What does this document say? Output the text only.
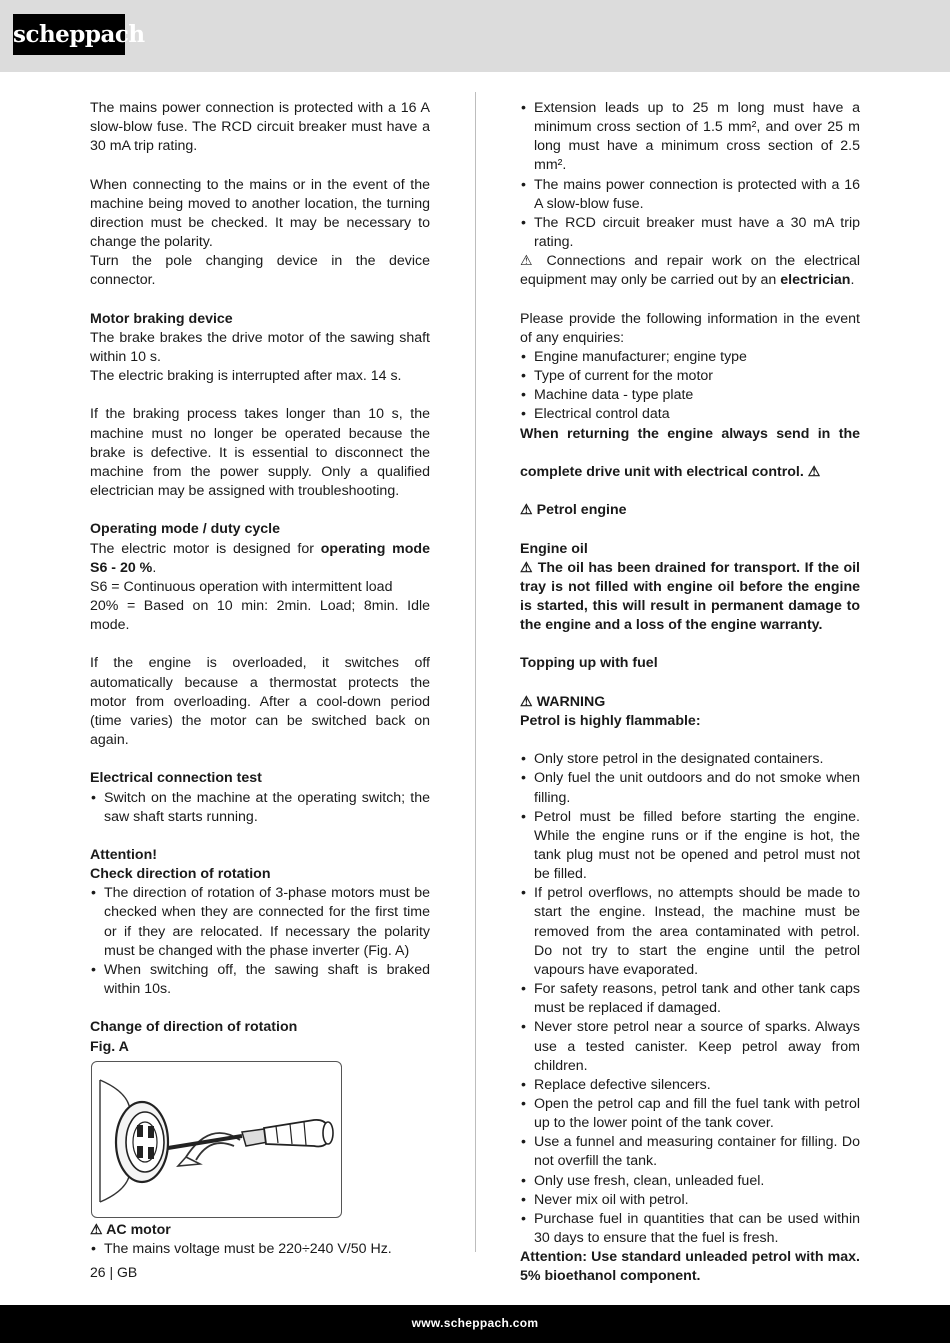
scheppach

The mains power connection is protected with a 16 A slow-blow fuse. The RCD circuit breaker must have a 30 mA trip rating.

When connecting to the mains or in the event of the machine being moved to another location, the turning direction must be checked. It may be necessary to change the polarity.

Turn the pole changing device in the device connector.

Motor braking device

The brake brakes the drive motor of the sawing shaft within 10 s.

The electric braking is interrupted after max. 14 s.

If the braking process takes longer than 10 s, the machine must no longer be operated because the brake is defective. It is essential to disconnect the machine from the power supply. Only a qualified electrician may be assigned with troubleshooting.

Operating mode / duty cycle

The electric motor is designed for operating mode S6 - 20 %.

S6 = Continuous operation with intermittent load

20% = Based on 10 min: 2min. Load; 8min. Idle mode.

If the engine is overloaded, it switches off automatically because a thermostat protects the motor from overloading. After a cool-down period (time varies) the motor can be switched back on again.

Electrical connection test

• Switch on the machine at the operating switch; the saw shaft starts running.

Attention!

Check direction of rotation

• The direction of rotation of 3-phase motors must be checked when they are connected for the first time or if they are relocated. If necessary the polarity must be changed with the phase inverter (Fig. A)
• When switching off, the sawing shaft is braked within 10s.

Change of direction of rotation

Fig. A

⚠ AC motor

• The mains voltage must be 220÷240 V/50 Hz.
• Extension leads up to 25 m long must have a minimum cross section of 1.5 mm², and over 25 m long must have a minimum cross section of 2.5 mm².
• The mains power connection is protected with a 16 A slow-blow fuse.
• The RCD circuit breaker must have a 30 mA trip rating.

⚠ Connections and repair work on the electrical equipment may only be carried out by an electrician.

Please provide the following information in the event of any enquiries:

• Engine manufacturer; engine type
• Type of current for the motor
• Machine data - type plate
• Electrical control data

When returning the engine always send in the

complete drive unit with electrical control. ⚠

⚠ Petrol engine

Engine oil

⚠ The oil has been drained for transport. If the oil tray is not filled with engine oil before the engine is started, this will result in permanent damage to the engine and a loss of the engine warranty.

Topping up with fuel

⚠ WARNING

Petrol is highly flammable:

• Only store petrol in the designated containers.
• Only fuel the unit outdoors and do not smoke when filling.
• Petrol must be filled before starting the engine. While the engine runs or if the engine is hot, the tank plug must not be opened and petrol must not be filled.
• If petrol overflows, no attempts should be made to start the engine. Instead, the machine must be removed from the area contaminated with petrol. Do not try to start the engine until the petrol vapours have evaporated.
• For safety reasons, petrol tank and other tank caps must be replaced if damaged.
• Never store petrol near a source of sparks. Always use a tested canister. Keep petrol away from children.
• Replace defective silencers.
• Open the petrol cap and fill the fuel tank with petrol up to the lower point of the tank cover.
• Use a funnel and measuring container for filling. Do not overfill the tank.
• Only use fresh, clean, unleaded fuel.
• Never mix oil with petrol.
• Purchase fuel in quantities that can be used within 30 days to ensure that the fuel is fresh.

Attention: Use standard unleaded petrol with max. 5% bioethanol component.

26 | GB
www.scheppach.com
